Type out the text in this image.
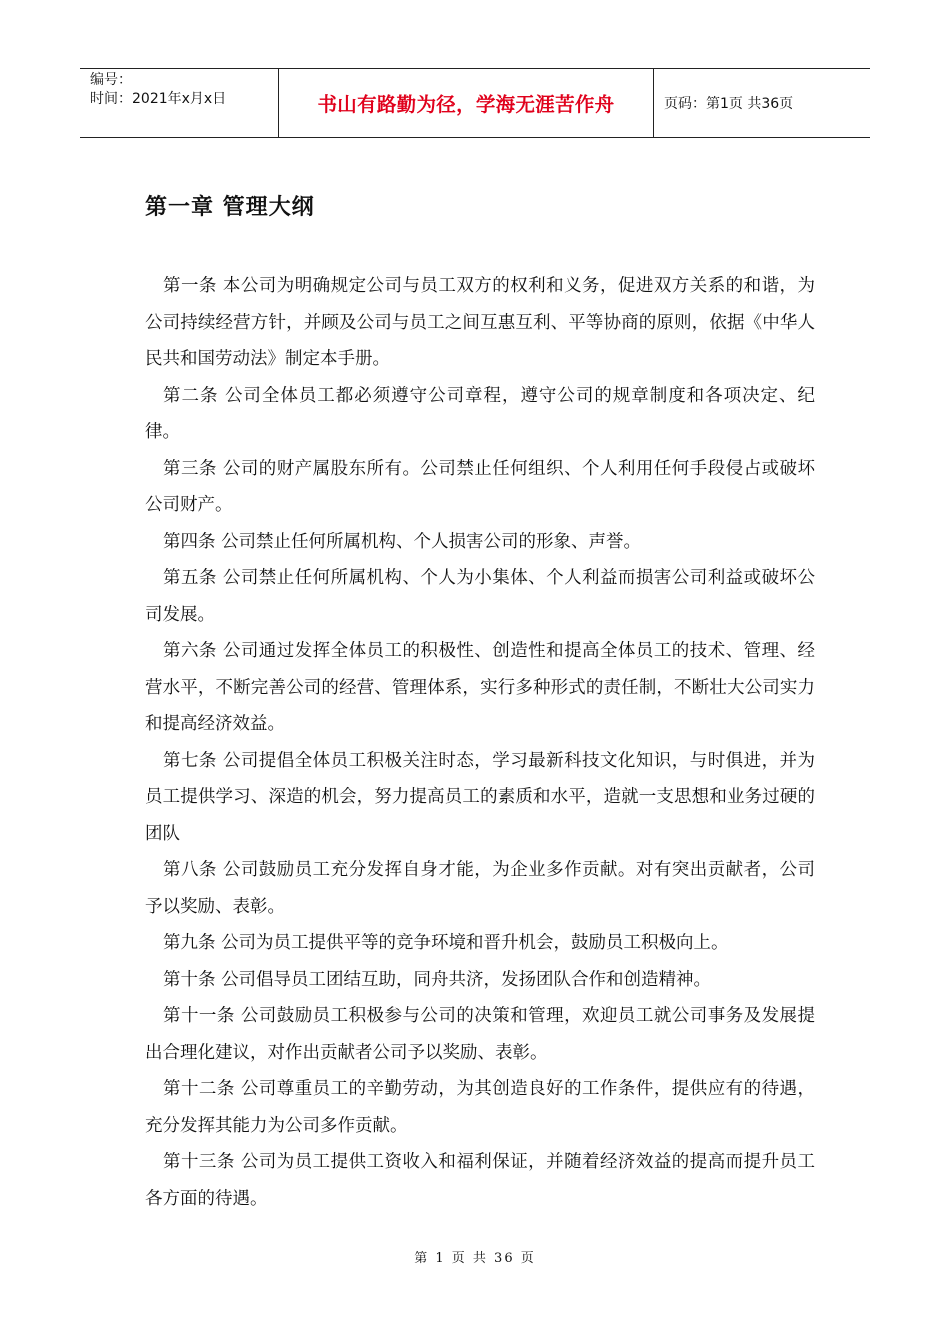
编号：
时间：2021年x月x日	书山有路勤为径，学海无涯苦作舟	页码：第1页 共36页
第一章 管理大纲

第一条 本公司为明确规定公司与员工双方的权利和义务，促进双方关系的和谐，为公司持续经营方针，并顾及公司与员工之间互惠互利、平等协商的原则，依据《中华人民共和国劳动法》制定本手册。

第二条 公司全体员工都必须遵守公司章程，遵守公司的规章制度和各项决定、纪律。

第三条 公司的财产属股东所有。公司禁止任何组织、个人利用任何手段侵占或破坏公司财产。

第四条 公司禁止任何所属机构、个人损害公司的形象、声誉。

第五条 公司禁止任何所属机构、个人为小集体、个人利益而损害公司利益或破坏公司发展。

第六条 公司通过发挥全体员工的积极性、创造性和提高全体员工的技术、管理、经营水平，不断完善公司的经营、管理体系，实行多种形式的责任制，不断壮大公司实力和提高经济效益。

第七条 公司提倡全体员工积极关注时态，学习最新科技文化知识，与时俱进，并为员工提供学习、深造的机会，努力提高员工的素质和水平，造就一支思想和业务过硬的团队

第八条 公司鼓励员工充分发挥自身才能，为企业多作贡献。对有突出贡献者，公司予以奖励、表彰。

第九条 公司为员工提供平等的竞争环境和晋升机会，鼓励员工积极向上。

第十条 公司倡导员工团结互助，同舟共济，发扬团队合作和创造精神。

第十一条 公司鼓励员工积极参与公司的决策和管理，欢迎员工就公司事务及发展提出合理化建议，对作出贡献者公司予以奖励、表彰。

第十二条 公司尊重员工的辛勤劳动，为其创造良好的工作条件，提供应有的待遇，充分发挥其能力为公司多作贡献。

第十三条 公司为员工提供工资收入和福利保证，并随着经济效益的提高而提升员工各方面的待遇。

第 1 页 共 36 页
